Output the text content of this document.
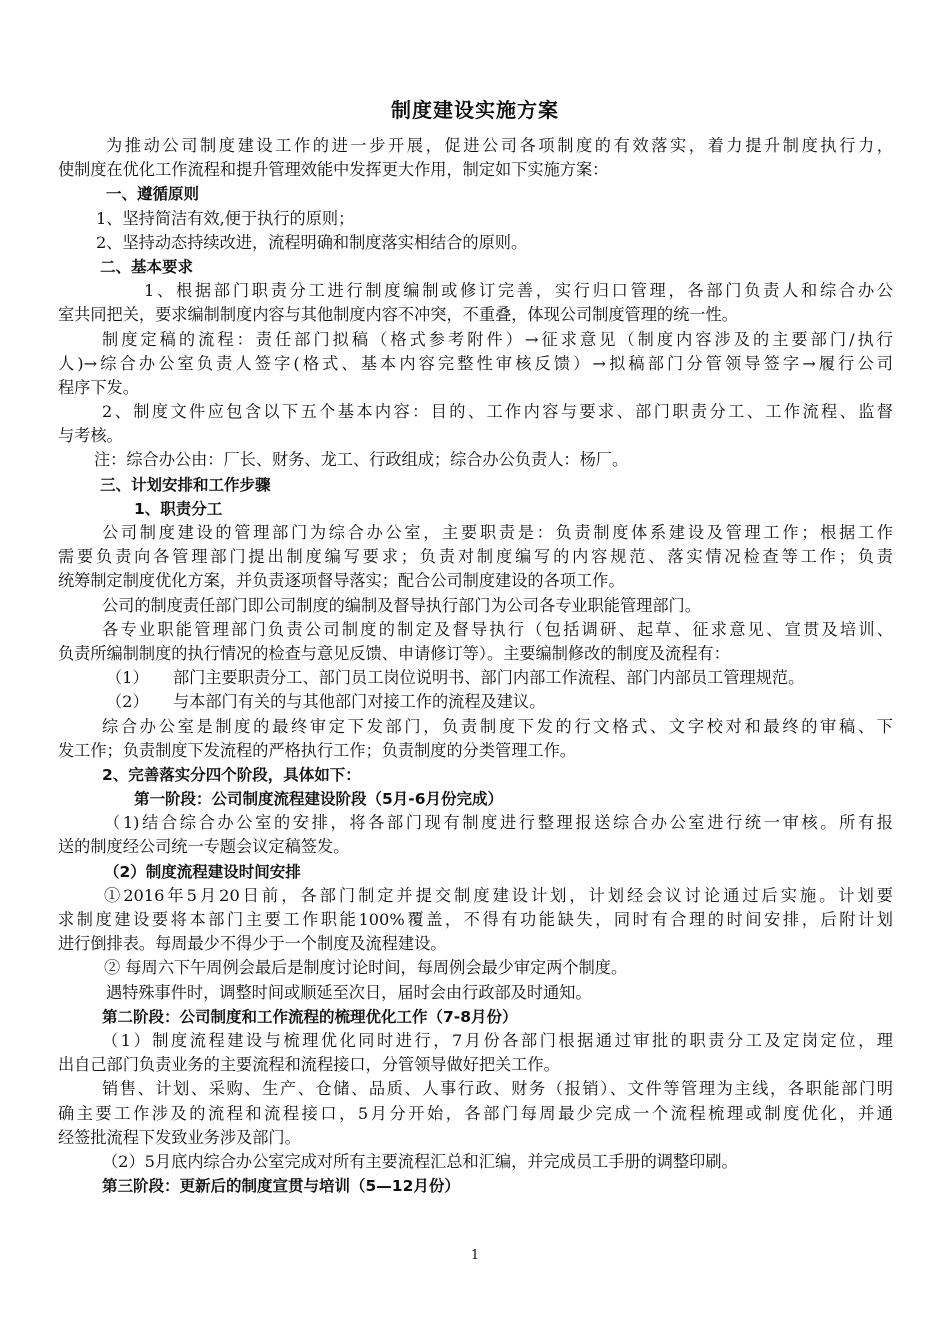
制度建设实施方案
为推动公司制度建设工作的进一步开展，促进公司各项制度的有效落实，着力提升制度执行力，
使制度在优化工作流程和提升管理效能中发挥更大作用，制定如下实施方案：
一、遵循原则
1、坚持简洁有效,便于执行的原则；
2、坚持动态持续改进，流程明确和制度落实相结合的原则。
二、基本要求
1、根据部门职责分工进行制度编制或修订完善，实行归口管理，各部门负责人和综合办公
室共同把关，要求编制制度内容与其他制度内容不冲突，不重叠，体现公司制度管理的统一性。
制度定稿的流程：责任部门拟稿（格式参考附件）→征求意见（制度内容涉及的主要部门/执行
人)→综合办公室负责人签字(格式、基本内容完整性审核反馈）→拟稿部门分管领导签字→履行公司
程序下发。
2、制度文件应包含以下五个基本内容：目的、工作内容与要求、部门职责分工、工作流程、监督
与考核。
注：综合办公由：厂长、财务、龙工、行政组成；综合办公负责人：杨厂。
三、计划安排和工作步骤
1、职责分工
公司制度建设的管理部门为综合办公室，主要职责是：负责制度体系建设及管理工作；根据工作
需要负责向各管理部门提出制度编写要求；负责对制度编写的内容规范、落实情况检查等工作；负责
统筹制定制度优化方案，并负责逐项督导落实；配合公司制度建设的各项工作。
公司的制度责任部门即公司制度的编制及督导执行部门为公司各专业职能管理部门。
各专业职能管理部门负责公司制度的制定及督导执行（包括调研、起草、征求意见、宣贯及培训、
负责所编制制度的执行情况的检查与意见反馈、申请修订等）。主要编制修改的制度及流程有：
（1）　　部门主要职责分工、部门员工岗位说明书、部门内部工作流程、部门内部员工管理规范。
（2）　　与本部门有关的与其他部门对接工作的流程及建议。
综合办公室是制度的最终审定下发部门，负责制度下发的行文格式、文字校对和最终的审稿、下
发工作；负责制度下发流程的严格执行工作；负责制度的分类管理工作。
2、完善落实分四个阶段，具体如下：
第一阶段：公司制度流程建设阶段（5月-6月份完成）
（1)结合综合办公室的安排，将各部门现有制度进行整理报送综合办公室进行统一审核。所有报
送的制度经公司统一专题会议定稿签发。
（2）制度流程建设时间安排
①2016年5月20日前，各部门制定并提交制度建设计划，计划经会议讨论通过后实施。计划要
求制度建设要将本部门主要工作职能100%覆盖，不得有功能缺失，同时有合理的时间安排，后附计划
进行倒排表。每周最少不得少于一个制度及流程建设。
② 每周六下午周例会最后是制度讨论时间，每周例会最少审定两个制度。
遇特殊事件时，调整时间或顺延至次日，届时会由行政部及时通知。
第二阶段：公司制度和工作流程的梳理优化工作（7-8月份）
（1）制度流程建设与梳理优化同时进行，7月份各部门根据通过审批的职责分工及定岗定位，理
出自己部门负责业务的主要流程和流程接口，分管领导做好把关工作。
销售、计划、采购、生产、仓储、品质、人事行政、财务（报销）、文件等管理为主线，各职能部门明
确主要工作涉及的流程和流程接口，5月分开始，各部门每周最少完成一个流程梳理或制度优化，并通
经签批流程下发致业务涉及部门。
（2）5月底内综合办公室完成对所有主要流程汇总和汇编，并完成员工手册的调整印刷。
第三阶段：更新后的制度宣贯与培训（5—12月份）
1
